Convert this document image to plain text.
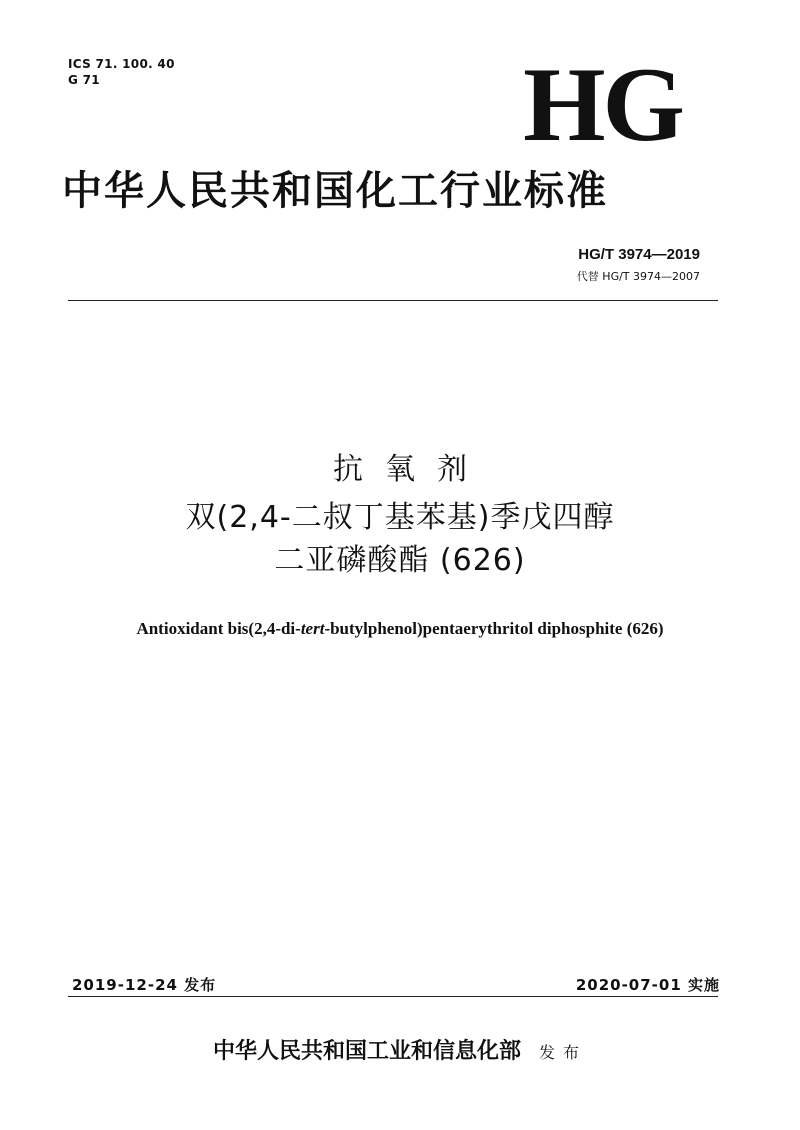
ICS 71. 100. 40
G 71	HG
中华人民共和国化工行业标准
HG/T 3974—2019
代替 HG/T 3974—2007
抗氧剂
双(2,4-二叔丁基苯基)季戊四醇
二亚磷酸酯 (626)
Antioxidant bis(2,4-di-tert-butylphenol)pentaerythritol diphosphite (626)
2019-12-24 发布	2020-07-01 实施
中华人民共和国工业和信息化部 发布
